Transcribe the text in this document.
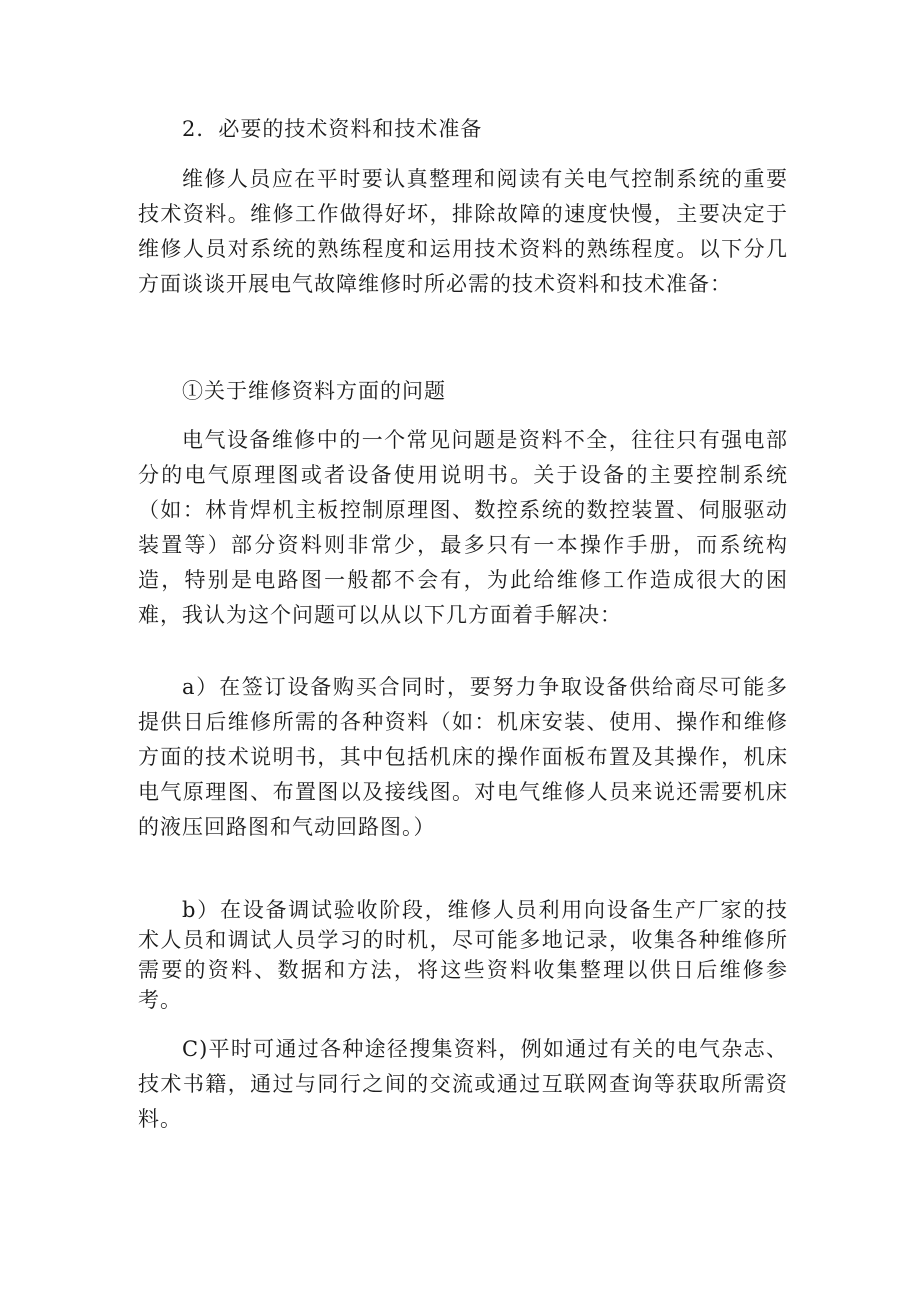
2．必要的技术资料和技术准备

维修人员应在平时要认真整理和阅读有关电气控制系统的重要技术资料。维修工作做得好坏，排除故障的速度快慢，主要决定于维修人员对系统的熟练程度和运用技术资料的熟练程度。以下分几方面谈谈开展电气故障维修时所必需的技术资料和技术准备：

①关于维修资料方面的问题

电气设备维修中的一个常见问题是资料不全，往往只有强电部分的电气原理图或者设备使用说明书。关于设备的主要控制系统（如：林肯焊机主板控制原理图、数控系统的数控装置、伺服驱动装置等）部分资料则非常少，最多只有一本操作手册，而系统构造，特别是电路图一般都不会有，为此给维修工作造成很大的困难，我认为这个问题可以从以下几方面着手解决：

a）在签订设备购买合同时，要努力争取设备供给商尽可能多提供日后维修所需的各种资料（如：机床安装、使用、操作和维修方面的技术说明书，其中包括机床的操作面板布置及其操作，机床电气原理图、布置图以及接线图。对电气维修人员来说还需要机床的液压回路图和气动回路图。）

b）在设备调试验收阶段，维修人员利用向设备生产厂家的技术人员和调试人员学习的时机，尽可能多地记录，收集各种维修所需要的资料、数据和方法，将这些资料收集整理以供日后维修参考。

C)平时可通过各种途径搜集资料，例如通过有关的电气杂志、技术书籍，通过与同行之间的交流或通过互联网查询等获取所需资料。
